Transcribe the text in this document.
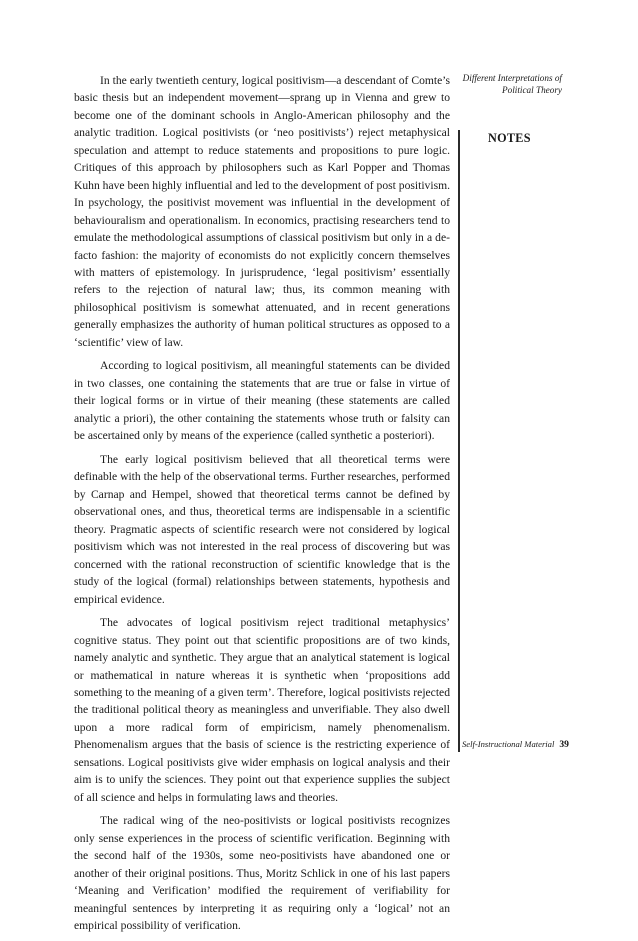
In the early twentieth century, logical positivism—a descendant of Comte’s basic thesis but an independent movement—sprang up in Vienna and grew to become one of the dominant schools in Anglo-American philosophy and the analytic tradition. Logical positivists (or ‘neo positivists’) reject metaphysical speculation and attempt to reduce statements and propositions to pure logic. Critiques of this approach by philosophers such as Karl Popper and Thomas Kuhn have been highly influential and led to the development of post positivism. In psychology, the positivist movement was influential in the development of behaviouralism and operationalism. In economics, practising researchers tend to emulate the methodological assumptions of classical positivism but only in a de-facto fashion: the majority of economists do not explicitly concern themselves with matters of epistemology. In jurisprudence, ‘legal positivism’ essentially refers to the rejection of natural law; thus, its common meaning with philosophical positivism is somewhat attenuated, and in recent generations generally emphasizes the authority of human political structures as opposed to a ‘scientific’ view of law.

According to logical positivism, all meaningful statements can be divided in two classes, one containing the statements that are true or false in virtue of their logical forms or in virtue of their meaning (these statements are called analytic a priori), the other containing the statements whose truth or falsity can be ascertained only by means of the experience (called synthetic a posteriori).

The early logical positivism believed that all theoretical terms were definable with the help of the observational terms. Further researches, performed by Carnap and Hempel, showed that theoretical terms cannot be defined by observational ones, and thus, theoretical terms are indispensable in a scientific theory. Pragmatic aspects of scientific research were not considered by logical positivism which was not interested in the real process of discovering but was concerned with the rational reconstruction of scientific knowledge that is the study of the logical (formal) relationships between statements, hypothesis and empirical evidence.

The advocates of logical positivism reject traditional metaphysics’ cognitive status. They point out that scientific propositions are of two kinds, namely analytic and synthetic. They argue that an analytical statement is logical or mathematical in nature whereas it is synthetic when ‘propositions add something to the meaning of a given term’. Therefore, logical positivists rejected the traditional political theory as meaningless and unverifiable. They also dwell upon a more radical form of empiricism, namely phenomenalism. Phenomenalism argues that the basis of science is the restricting experience of sensations. Logical positivists give wider emphasis on logical analysis and their aim is to unify the sciences. They point out that experience supplies the subject of all science and helps in formulating laws and theories.

The radical wing of the neo-positivists or logical positivists recognizes only sense experiences in the process of scientific verification. Beginning with the second half of the 1930s, some neo-positivists have abandoned one or another of their original positions. Thus, Moritz Schlick in one of his last papers ‘Meaning and Verification’ modified the requirement of verifiability for meaningful sentences by interpreting it as requiring only a ‘logical’ not an empirical possibility of verification.

Different Interpretations of
Political Theory
NOTES
Self-Instructional Material 39
